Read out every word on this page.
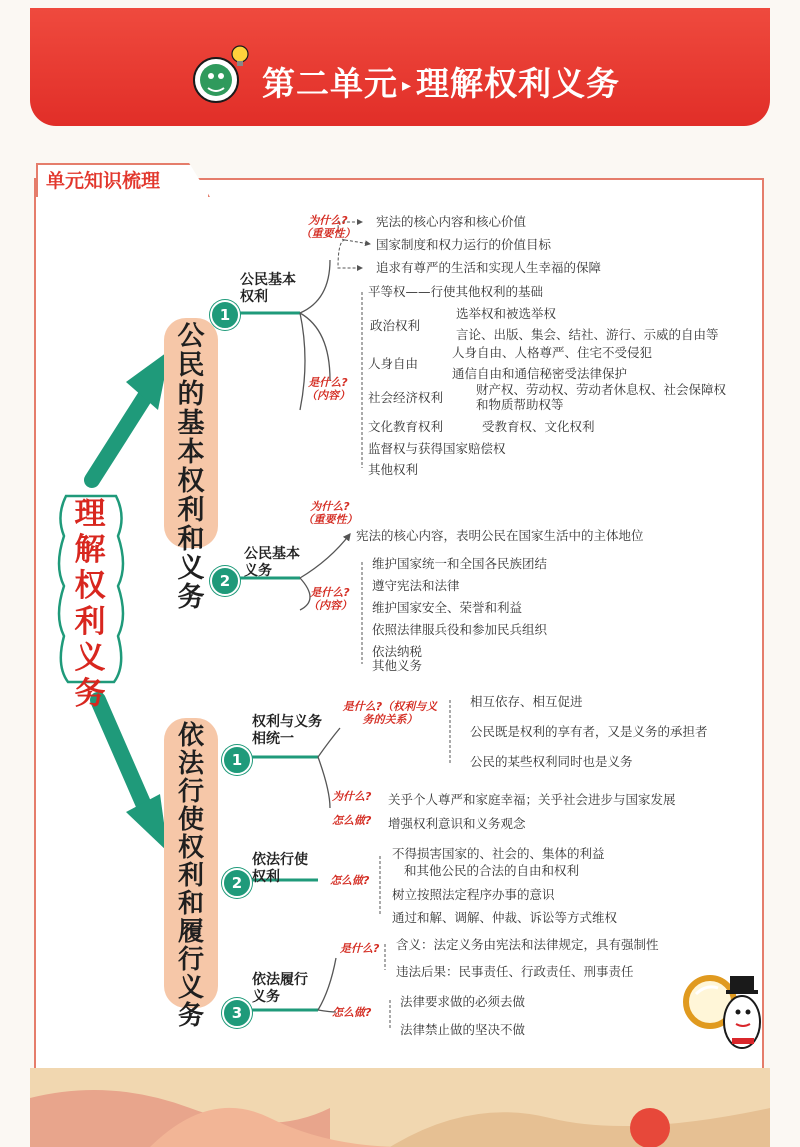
第二单元 ▸ 理解权利义务
单元知识梳理
理解权利义务
公民的基本权利和义务
依法行使权利和履行义务
1
公民基本权利
为什么?（重要性）
宪法的核心内容和核心价值
国家制度和权力运行的价值目标
追求有尊严的生活和实现人生幸福的保障
是什么?（内容）
平等权——行使其他权利的基础
政治权利
选举权和被选举权
言论、出版、集会、结社、游行、示威的自由等
人身自由
人身自由、人格尊严、住宅不受侵犯
通信自由和通信秘密受法律保护
社会经济权利
财产权、劳动权、劳动者休息权、社会保障权
和物质帮助权等
文化教育权利	受教育权、文化权利
监督权与获得国家赔偿权
其他权利
2
公民基本义务
为什么?（重要性）
宪法的核心内容，表明公民在国家生活中的主体地位
是什么?（内容）
维护国家统一和全国各民族团结
遵守宪法和法律
维护国家安全、荣誉和利益
依照法律服兵役和参加民兵组织
依法纳税
其他义务
1
权利与义务相统一
是什么?（权利与义务的关系）
相互依存、相互促进
公民既是权利的享有者，又是义务的承担者
公民的某些权利同时也是义务
为什么? 关乎个人尊严和家庭幸福；关乎社会进步与国家发展
怎么做? 增强权利意识和义务观念
2
依法行使权利	怎么做?
不得损害国家的、社会的、集体的利益
和其他公民的合法的自由和权利
树立按照法定程序办事的意识
通过和解、调解、仲裁、诉讼等方式维权
3
依法履行义务
是什么? 含义：法定义务由宪法和法律规定，具有强制性
违法后果：民事责任、行政责任、刑事责任
怎么做?
法律要求做的必须去做
法律禁止做的坚决不做
